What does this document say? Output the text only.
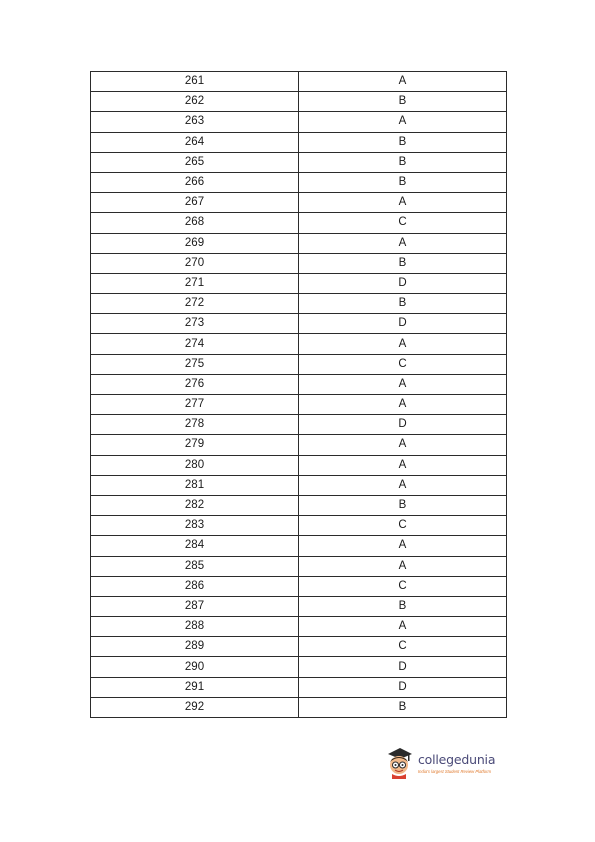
261	A
262	B
263	A
264	B
265	B
266	B
267	A
268	C
269	A
270	B
271	D
272	B
273	D
274	A
275	C
276	A
277	A
278	D
279	A
280	A
281	A
282	B
283	C
284	A
285	A
286	C
287	B
288	A
289	C
290	D
291	D
292	B
collegedunia
India's largest Student Review Platform
